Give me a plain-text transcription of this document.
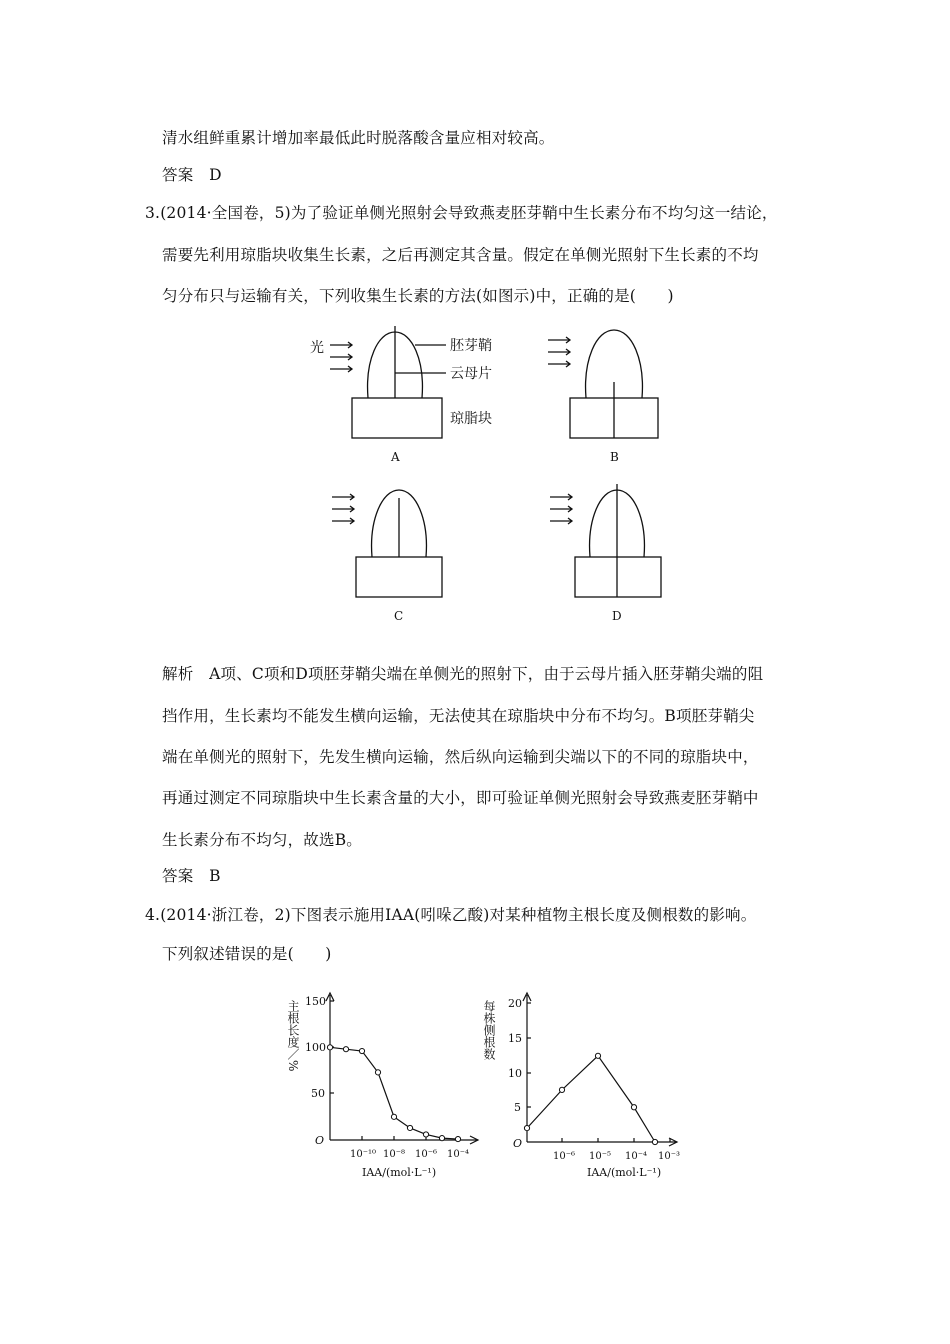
清水组鲜重累计增加率最低此时脱落酸含量应相对较高。
答案　D
3.(2014·全国卷，5)为了验证单侧光照射会导致燕麦胚芽鞘中生长素分布不均匀这一结论，
需要先利用琼脂块收集生长素，之后再测定其含量。假定在单侧光照射下生长素的不均
匀分布只与运输有关，下列收集生长素的方法(如图示)中，正确的是(　　)
光	胚芽鞘
云母片
琼脂块
A	B
C	D
解析　A项、C项和D项胚芽鞘尖端在单侧光的照射下，由于云母片插入胚芽鞘尖端的阻
挡作用，生长素均不能发生横向运输，无法使其在琼脂块中分布不均匀。B项胚芽鞘尖
端在单侧光的照射下，先发生横向运输，然后纵向运输到尖端以下的不同的琼脂块中，
再通过测定不同琼脂块中生长素含量的大小，即可验证单侧光照射会导致燕麦胚芽鞘中
生长素分布不均匀，故选B。
答案　B
4.(2014·浙江卷，2)下图表示施用IAA(吲哚乙酸)对某种植物主根长度及侧根数的影响。
下列叙述错误的是(　　)
50
100
150
O
10⁻¹⁰ 10⁻⁸ 10⁻⁶ 10⁻⁴
IAA/(mol·L⁻¹)
主根长度／%
5
10
15
20
O
10⁻⁶ 10⁻⁵ 10⁻⁴ 10⁻³
IAA/(mol·L⁻¹)
每株侧根数
